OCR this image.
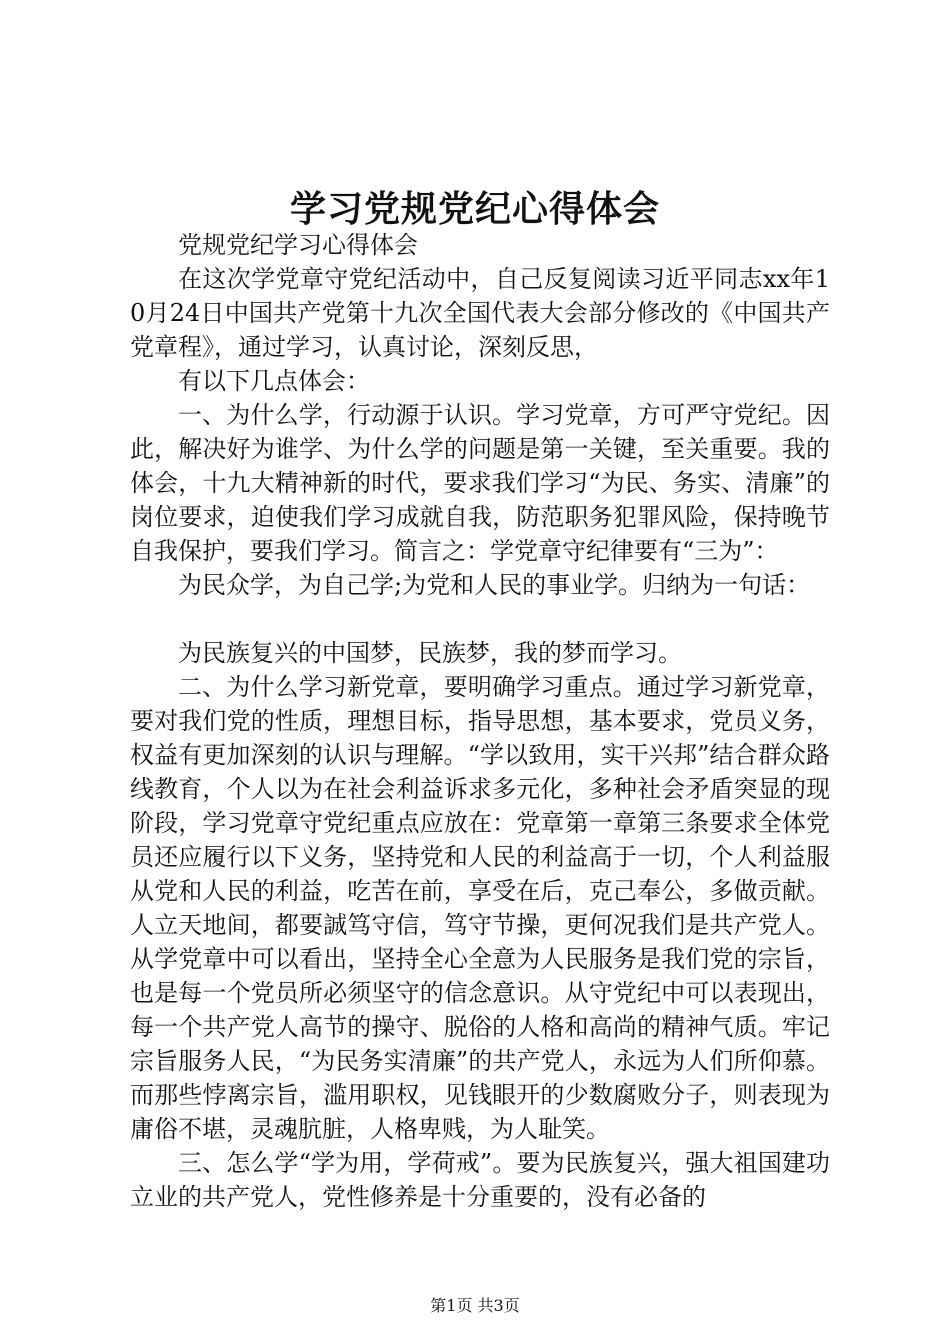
学习党规党纪心得体会

党规党纪学习心得体会

在这次学党章守党纪活动中，自己反复阅读习近平同志xx年10月24日中国共产党第十九次全国代表大会部分修改的《中国共产党章程》，通过学习，认真讨论，深刻反思，

有以下几点体会：

一、为什么学，行动源于认识。学习党章，方可严守党纪。因此，解决好为谁学、为什么学的问题是第一关键，至关重要。我的体会，十九大精神新的时代，要求我们学习“为民、务实、清廉”的岗位要求，迫使我们学习成就自我，防范职务犯罪风险，保持晚节自我保护，要我们学习。简言之：学党章守纪律要有“三为”：

为民众学，为自己学;为党和人民的事业学。归纳为一句话：

为民族复兴的中国梦，民族梦，我的梦而学习。

二、为什么学习新党章，要明确学习重点。通过学习新党章，要对我们党的性质，理想目标，指导思想，基本要求，党员义务，权益有更加深刻的认识与理解。“学以致用，实干兴邦”结合群众路线教育，个人以为在社会利益诉求多元化，多种社会矛盾突显的现阶段，学习党章守党纪重点应放在：党章第一章第三条要求全体党员还应履行以下义务，坚持党和人民的利益高于一切，个人利益服从党和人民的利益，吃苦在前，享受在后，克己奉公，多做贡献。人立天地间，都要誠笃守信，笃守节操，更何况我们是共产党人。从学党章中可以看出，坚持全心全意为人民服务是我们党的宗旨，也是每一个党员所必须坚守的信念意识。从守党纪中可以表现出，每一个共产党人高节的操守、脱俗的人格和高尚的精神气质。牢记宗旨服务人民，“为民务实清廉”的共产党人，永远为人们所仰慕。而那些悖离宗旨，滥用职权，见钱眼开的少数腐败分子，则表现为庸俗不堪，灵魂肮脏，人格卑贱，为人耻笑。

三、怎么学“学为用，学荷戒”。要为民族复兴，强大祖国建功立业的共产党人，党性修养是十分重要的，没有必备的

第1页 共3页
